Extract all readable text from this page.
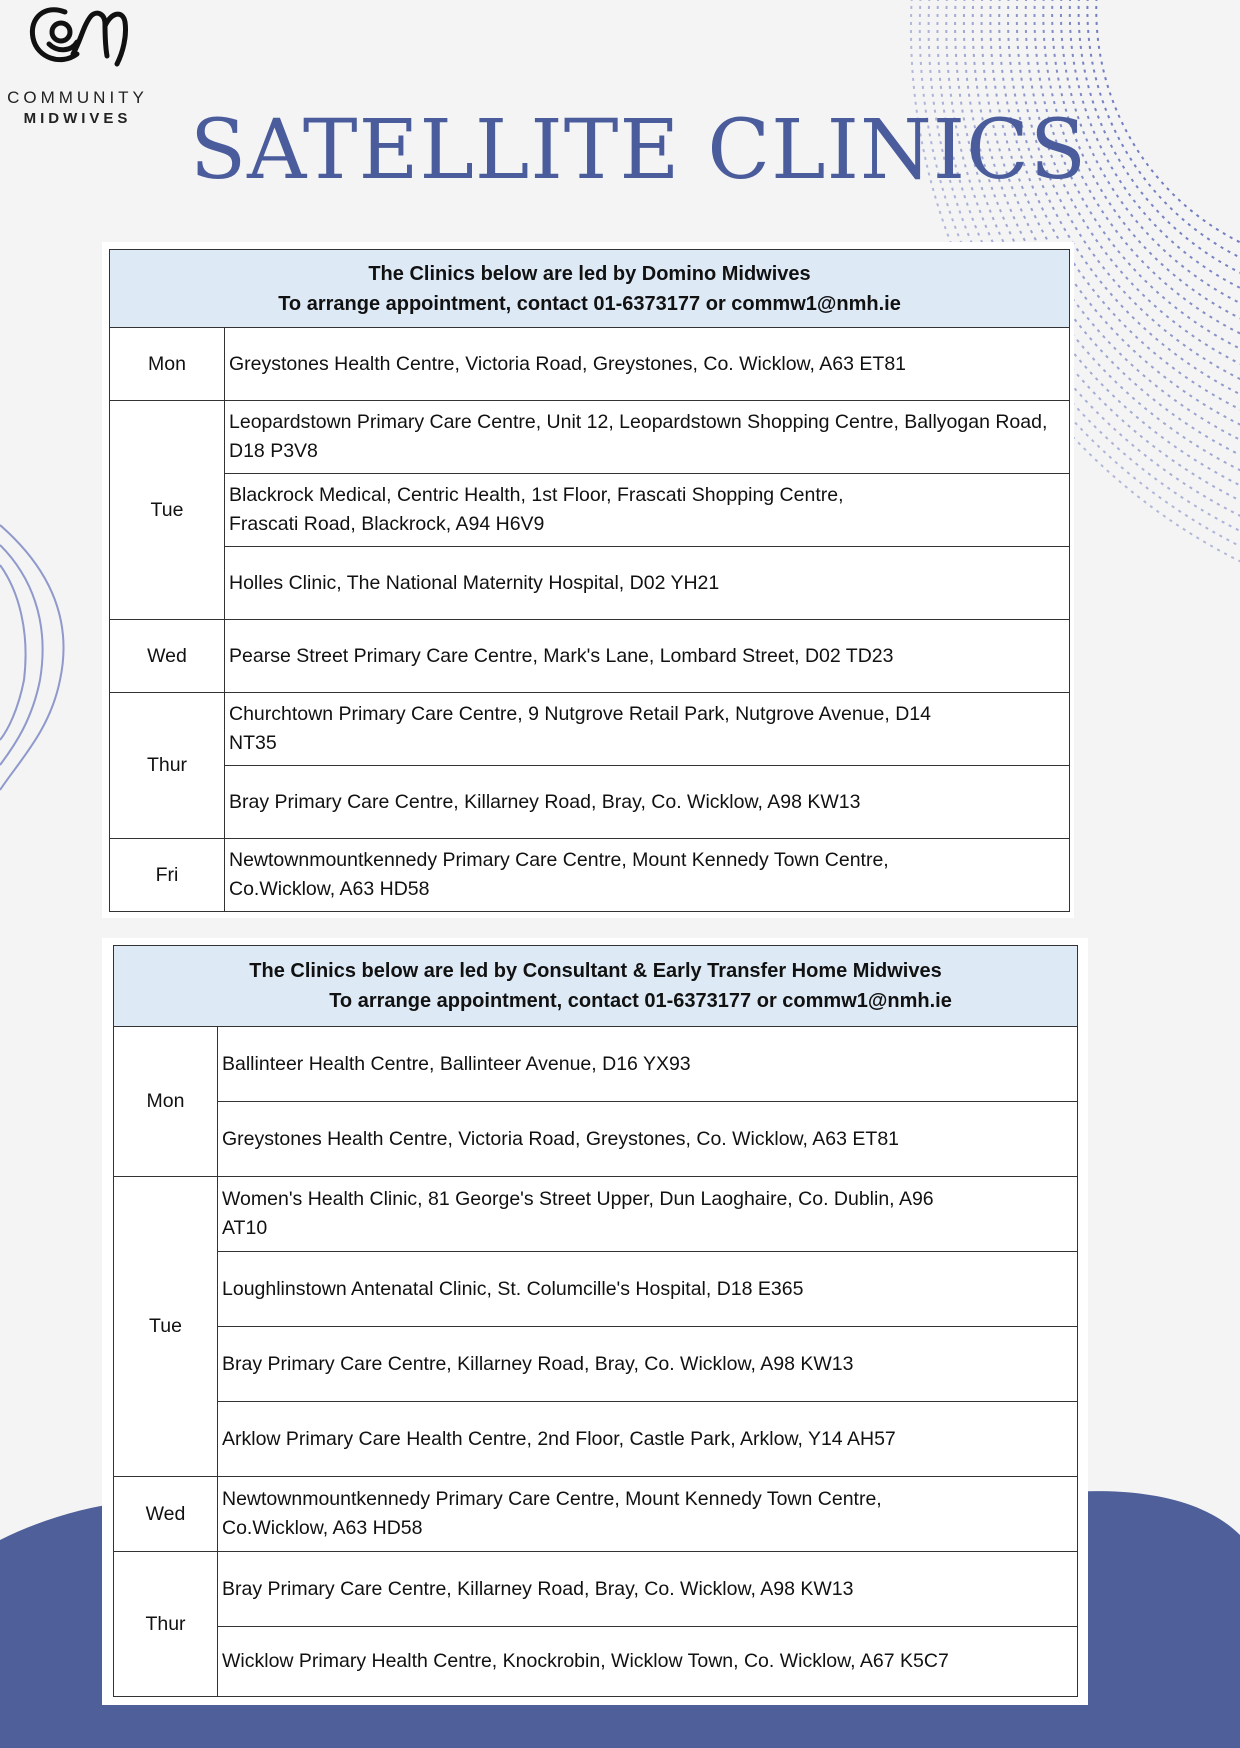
COMMUNITY
MIDWIVES SATELLITE CLINICS
The Clinics below are led by Domino Midwives
To arrange appointment, contact 01-6373177 or commw1@nmh.ie	

Mon	Greystones Health Centre, Victoria Road, Greystones, Co. Wicklow, A63 ET81
Tue	Leopardstown Primary Care Centre, Unit 12, Leopardstown Shopping Centre, Ballyogan Road, D18 P3V8
	Blackrock Medical, Centric Health, 1st Floor, Frascati Shopping Centre, Frascati Road, Blackrock, A94 H6V9
	Holles Clinic, The National Maternity Hospital, D02 YH21
Wed	Pearse Street Primary Care Centre, Mark's Lane, Lombard Street, D02 TD23
Thur	Churchtown Primary Care Centre, 9 Nutgrove Retail Park, Nutgrove Avenue, D14 NT35
	Bray Primary Care Centre, Killarney Road, Bray, Co. Wicklow, A98 KW13
Fri	Newtownmountkennedy Primary Care Centre, Mount Kennedy Town Centre, Co.Wicklow, A63 HD58
The Clinics below are led by Consultant & Early Transfer Home Midwives
To arrange appointment, contact 01-6373177 or commw1@nmh.ie	

Mon	Ballinteer Health Centre, Ballinteer Avenue, D16 YX93
	Greystones Health Centre, Victoria Road, Greystones, Co. Wicklow, A63 ET81
Tue	Women's Health Clinic, 81 George's Street Upper, Dun Laoghaire, Co. Dublin, A96 AT10
	Loughlinstown Antenatal Clinic, St. Columcille's Hospital, D18 E365
	Bray Primary Care Centre, Killarney Road, Bray, Co. Wicklow, A98 KW13
	Arklow Primary Care Health Centre, 2nd Floor, Castle Park, Arklow, Y14 AH57
Wed	Newtownmountkennedy Primary Care Centre, Mount Kennedy Town Centre, Co.Wicklow, A63 HD58
Thur	Bray Primary Care Centre, Killarney Road, Bray, Co. Wicklow, A98 KW13
	Wicklow Primary Health Centre, Knockrobin, Wicklow Town, Co. Wicklow, A67 K5C7
